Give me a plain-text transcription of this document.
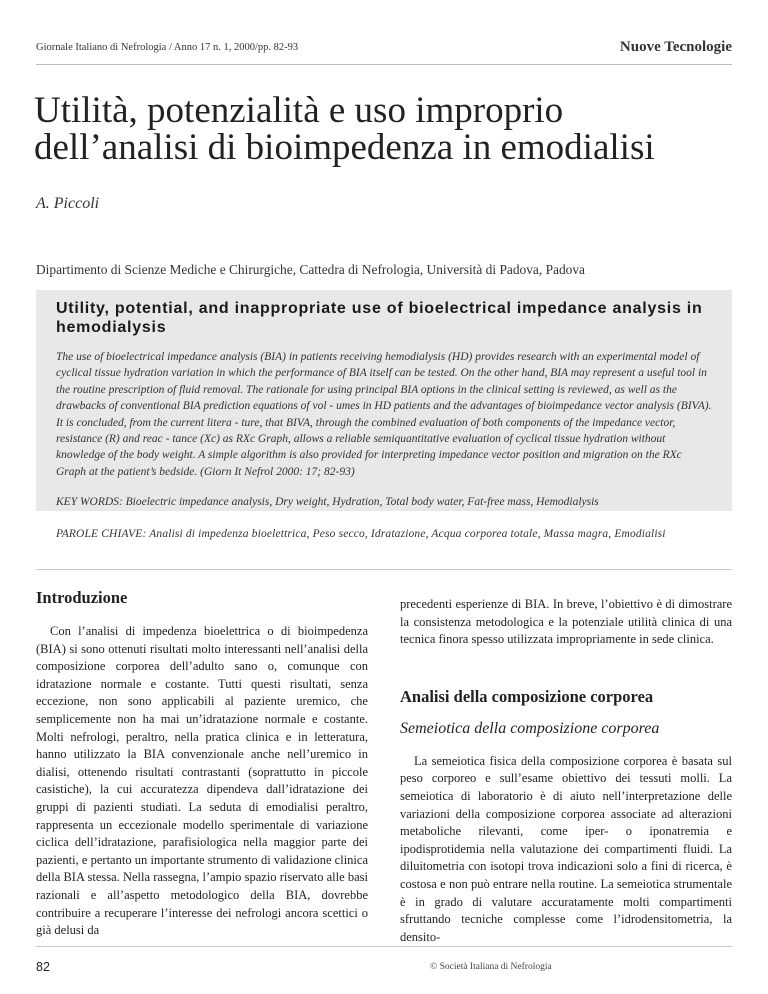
Giornale Italiano di Nefrologia / Anno 17 n. 1, 2000/pp. 82-93	Nuove Tecnologie
Utilità, potenzialità e uso improprio dell’analisi di bioimpedenza in emodialisi
A. Piccoli
Dipartimento di Scienze Mediche e Chirurgiche, Cattedra di Nefrologia, Università di Padova, Padova
Utility, potential, and inappropriate use of bioelectrical impedance analysis in hemodialysis

The use of bioelectrical impedance analysis (BIA) in patients receiving hemodialysis (HD) provides research with an experimental model of cyclical tissue hydration variation in which the performance of BIA itself can be tested. On the other hand, BIA may represent a useful tool in the routine prescription of fluid removal. The rationale for using principal BIA options in the clinical setting is reviewed, as well as the drawbacks of conventional BIA prediction equations of vol - umes in HD patients and the advantages of bioimpedance vector analysis (BIVA). It is concluded, from the current litera - ture, that BIVA, through the combined evaluation of both components of the impedance vector, resistance (R) and reac - tance (Xc) as RXc Graph, allows a reliable semiquantitative evaluation of cyclical tissue hydration without knowledge of the body weight. A simple algorithm is also provided for interpreting impedance vector position and migration on the RXc Graph at the patient’s bedside. (Giorn It Nefrol 2000: 17; 82-93)

KEY WORDS: Bioelectric impedance analysis, Dry weight, Hydration, Total body water, Fat-free mass, Hemodialysis

PAROLE CHIAVE: Analisi di impedenza bioelettrica, Peso secco, Idratazione, Acqua corporea totale, Massa magra, Emodialisi

Introduzione

Con l’analisi di impedenza bioelettrica o di bioimpedenza (BIA) si sono ottenuti risultati molto interessanti nell’analisi della composizione corporea dell’adulto sano o, comunque con idratazione normale e costante. Tutti questi risultati, senza eccezione, non sono applicabili al paziente uremico, che semplicemente non ha mai un’idratazione normale e costante. Molti nefrologi, peraltro, nella pratica clinica e in letteratura, hanno utilizzato la BIA convenzionale anche nell’uremico in dialisi, ottenendo risultati contrastanti (soprattutto in piccole casistiche), la cui accuratezza dipendeva dall’idratazione dei gruppi di pazienti studiati. La seduta di emodialisi peraltro, rappresenta un eccezionale modello sperimentale di variazione ciclica dell’idratazione, parafisiologica nella maggior parte dei pazienti, e pertanto un importante strumento di validazione clinica della BIA stessa. Nella rassegna, l’ampio spazio riservato alle basi razionali e all’aspetto metodologico della BIA, dovrebbe contribuire a recuperare l’interesse dei nefrologi ancora scettici o già delusi da

precedenti esperienze di BIA. In breve, l’obiettivo è di dimostrare la consistenza metodologica e la potenziale utilità clinica di una tecnica finora spesso utilizzata impropriamente in sede clinica.

Analisi della composizione corporea
Semeiotica della composizione corporea

La semeiotica fisica della composizione corporea è basata sul peso corporeo e sull’esame obiettivo dei tessuti molli. La semeiotica di laboratorio è di aiuto nell’interpretazione delle variazioni della composizione corporea associate ad alterazioni metaboliche rilevanti, come iper- o iponatremia e ipodisprotidemia nella valutazione dei compartimenti fluidi. La diluitometria con isotopi trova indicazioni solo a fini di ricerca, è costosa e non può entrare nella routine. La semeiotica strumentale è in grado di valutare accuratamente molti compartimenti sfruttando tecniche complesse come l’idrodensitometria, la densito-

82	© Società Italiana di Nefrologia
